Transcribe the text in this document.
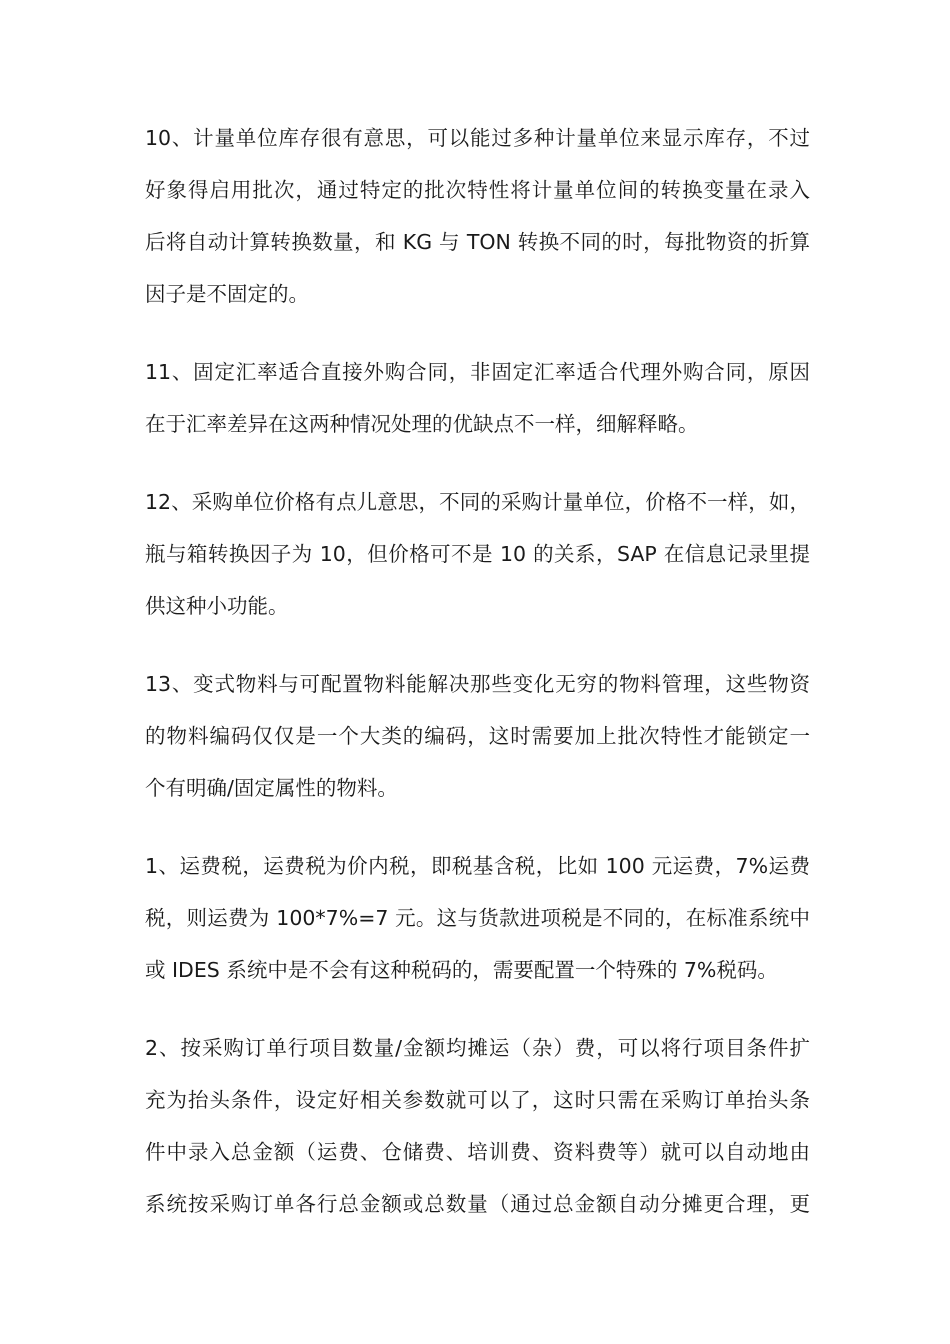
10、计量单位库存很有意思，可以能过多种计量单位来显示库存，不过
好象得启用批次，通过特定的批次特性将计量单位间的转换变量在录入
后将自动计算转换数量，和 KG 与 TON 转换不同的时，每批物资的折算
因子是不固定的。
11、固定汇率适合直接外购合同，非固定汇率适合代理外购合同，原因
在于汇率差异在这两种情况处理的优缺点不一样，细解释略。
12、采购单位价格有点儿意思，不同的采购计量单位，价格不一样，如，
瓶与箱转换因子为 10，但价格可不是 10 的关系，SAP 在信息记录里提
供这种小功能。
13、变式物料与可配置物料能解决那些变化无穷的物料管理，这些物资
的物料编码仅仅是一个大类的编码，这时需要加上批次特性才能锁定一
个有明确/固定属性的物料。
1、运费税，运费税为价内税，即税基含税，比如 100 元运费，7%运费
税，则运费为 100*7%=7 元。这与货款进项税是不同的，在标准系统中
或 IDES 系统中是不会有这种税码的，需要配置一个特殊的 7%税码。
2、按采购订单行项目数量/金额均摊运（杂）费，可以将行项目条件扩
充为抬头条件，设定好相关参数就可以了，这时只需在采购订单抬头条
件中录入总金额（运费、仓储费、培训费、资料费等）就可以自动地由
系统按采购订单各行总金额或总数量（通过总金额自动分摊更合理，更
